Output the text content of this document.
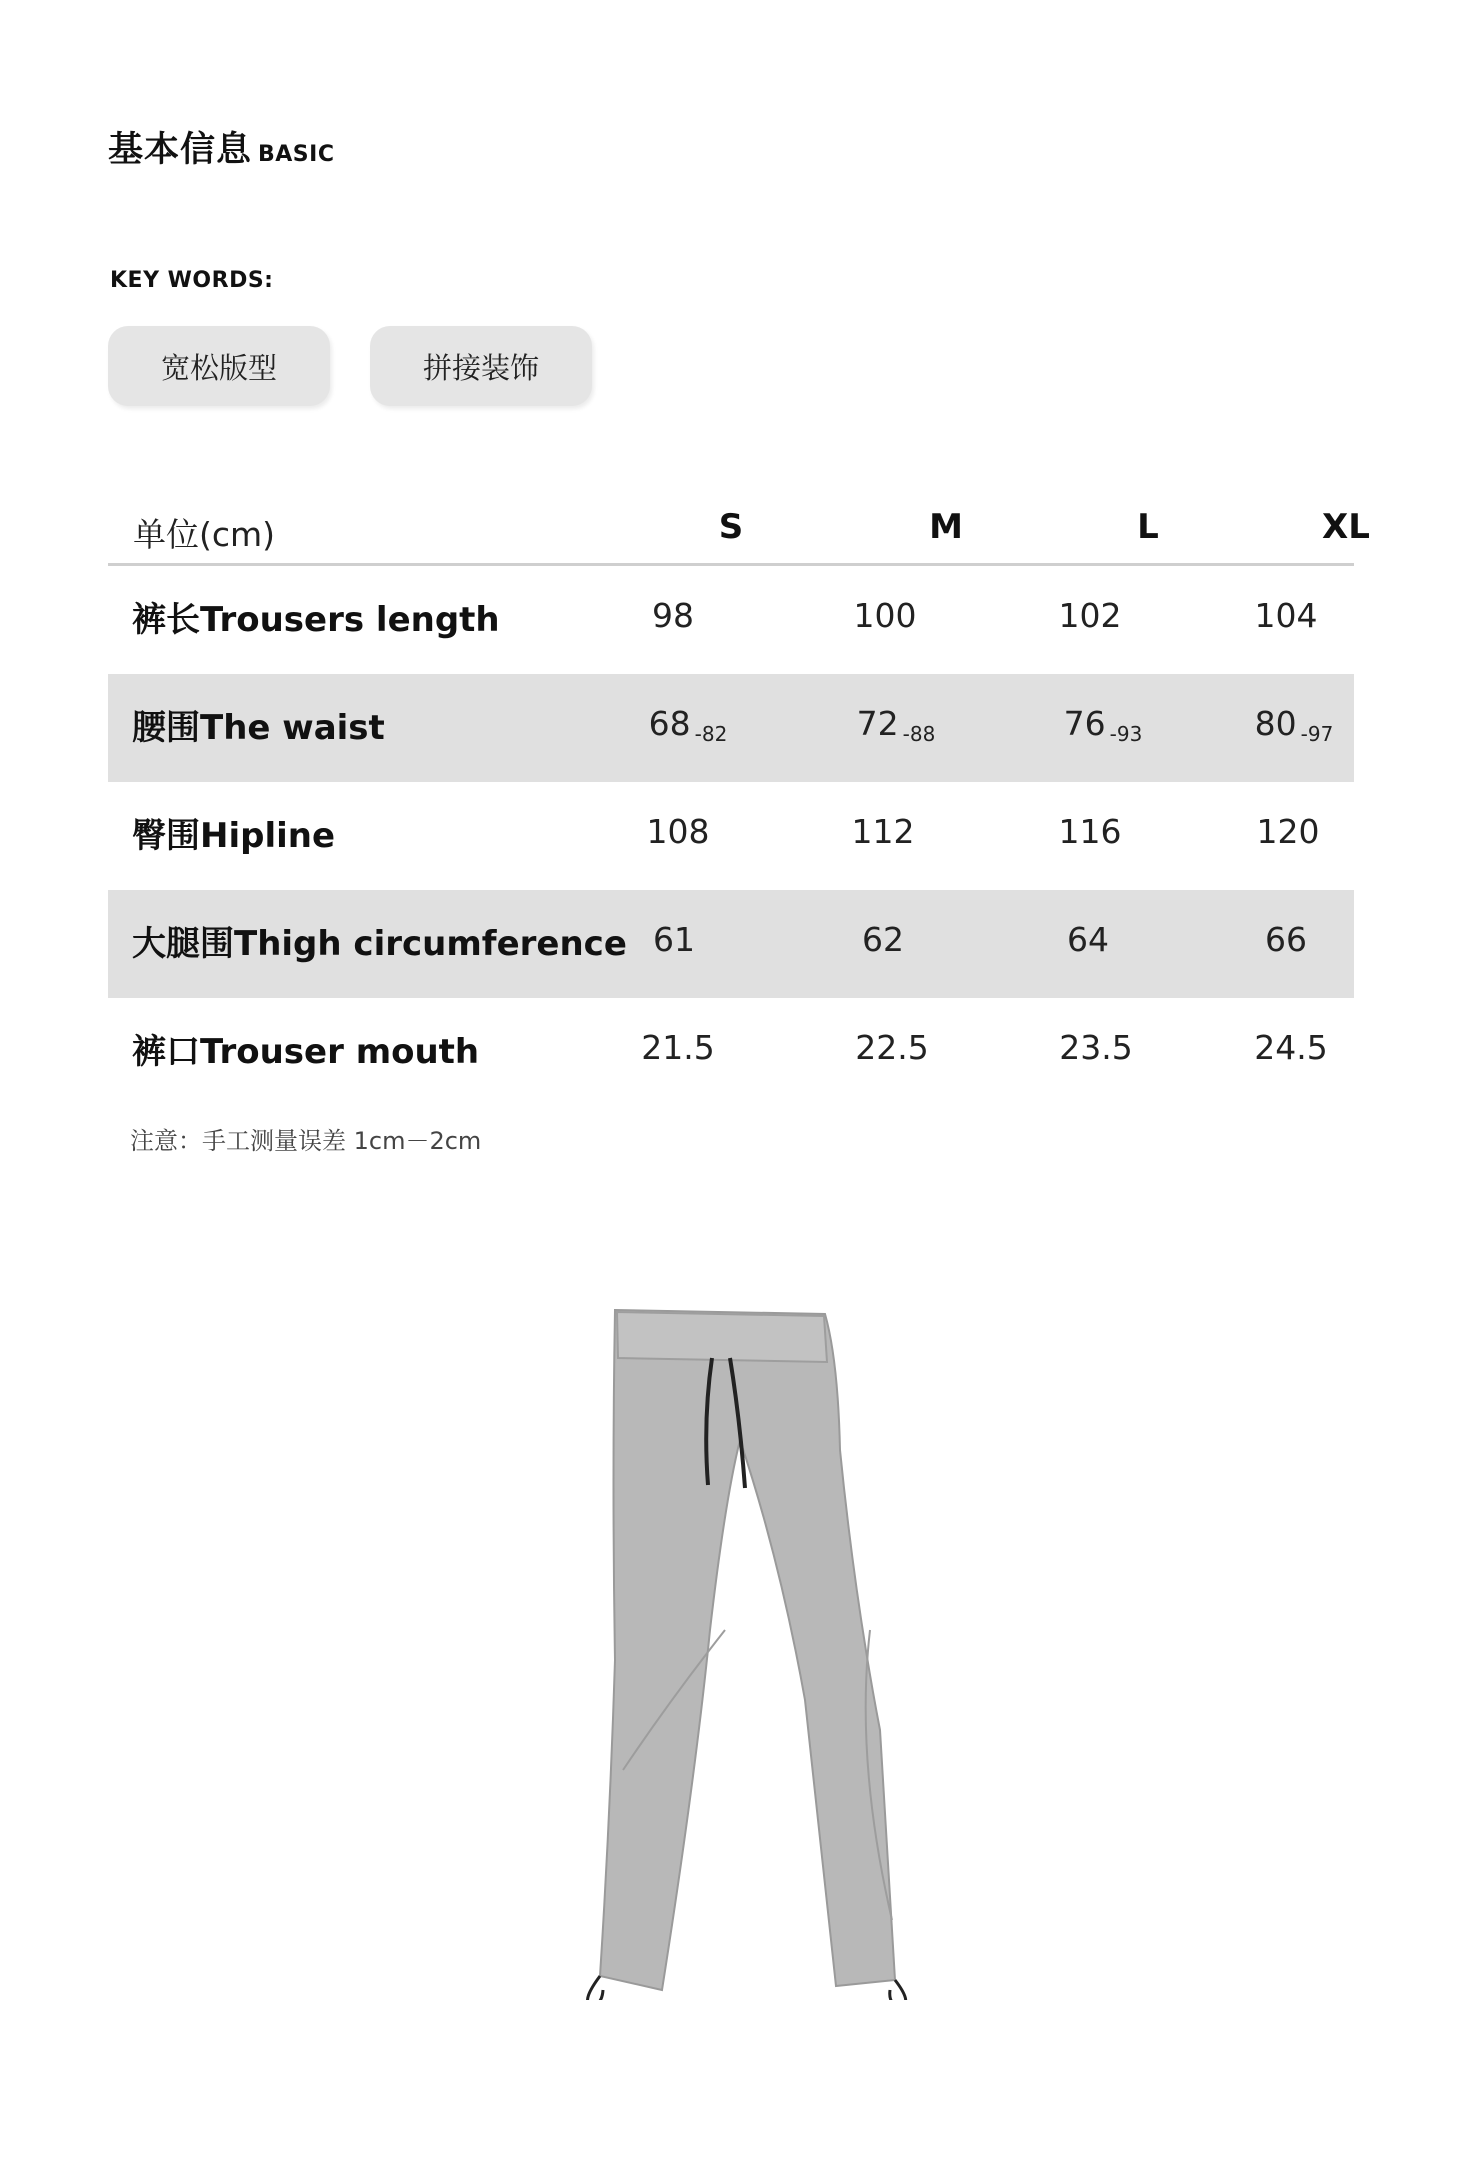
基本信息 BASIC
KEY WORDS:
宽松版型	拼接装饰
单位(cm)	S	M	L	XL
裤长Trousers length	98	100	102	104
腰围The waist	68 $_{-82}$	72 $_{-88}$	76 $_{-93}$	80 $_{-97}$
臀围Hipline	108	112	116	120
大腿围Thigh circumference 61	62	64	66
裤口Trouser mouth	21.5	22.5	23.5	24.5
注意：手工测量误差 1cm－2cm
